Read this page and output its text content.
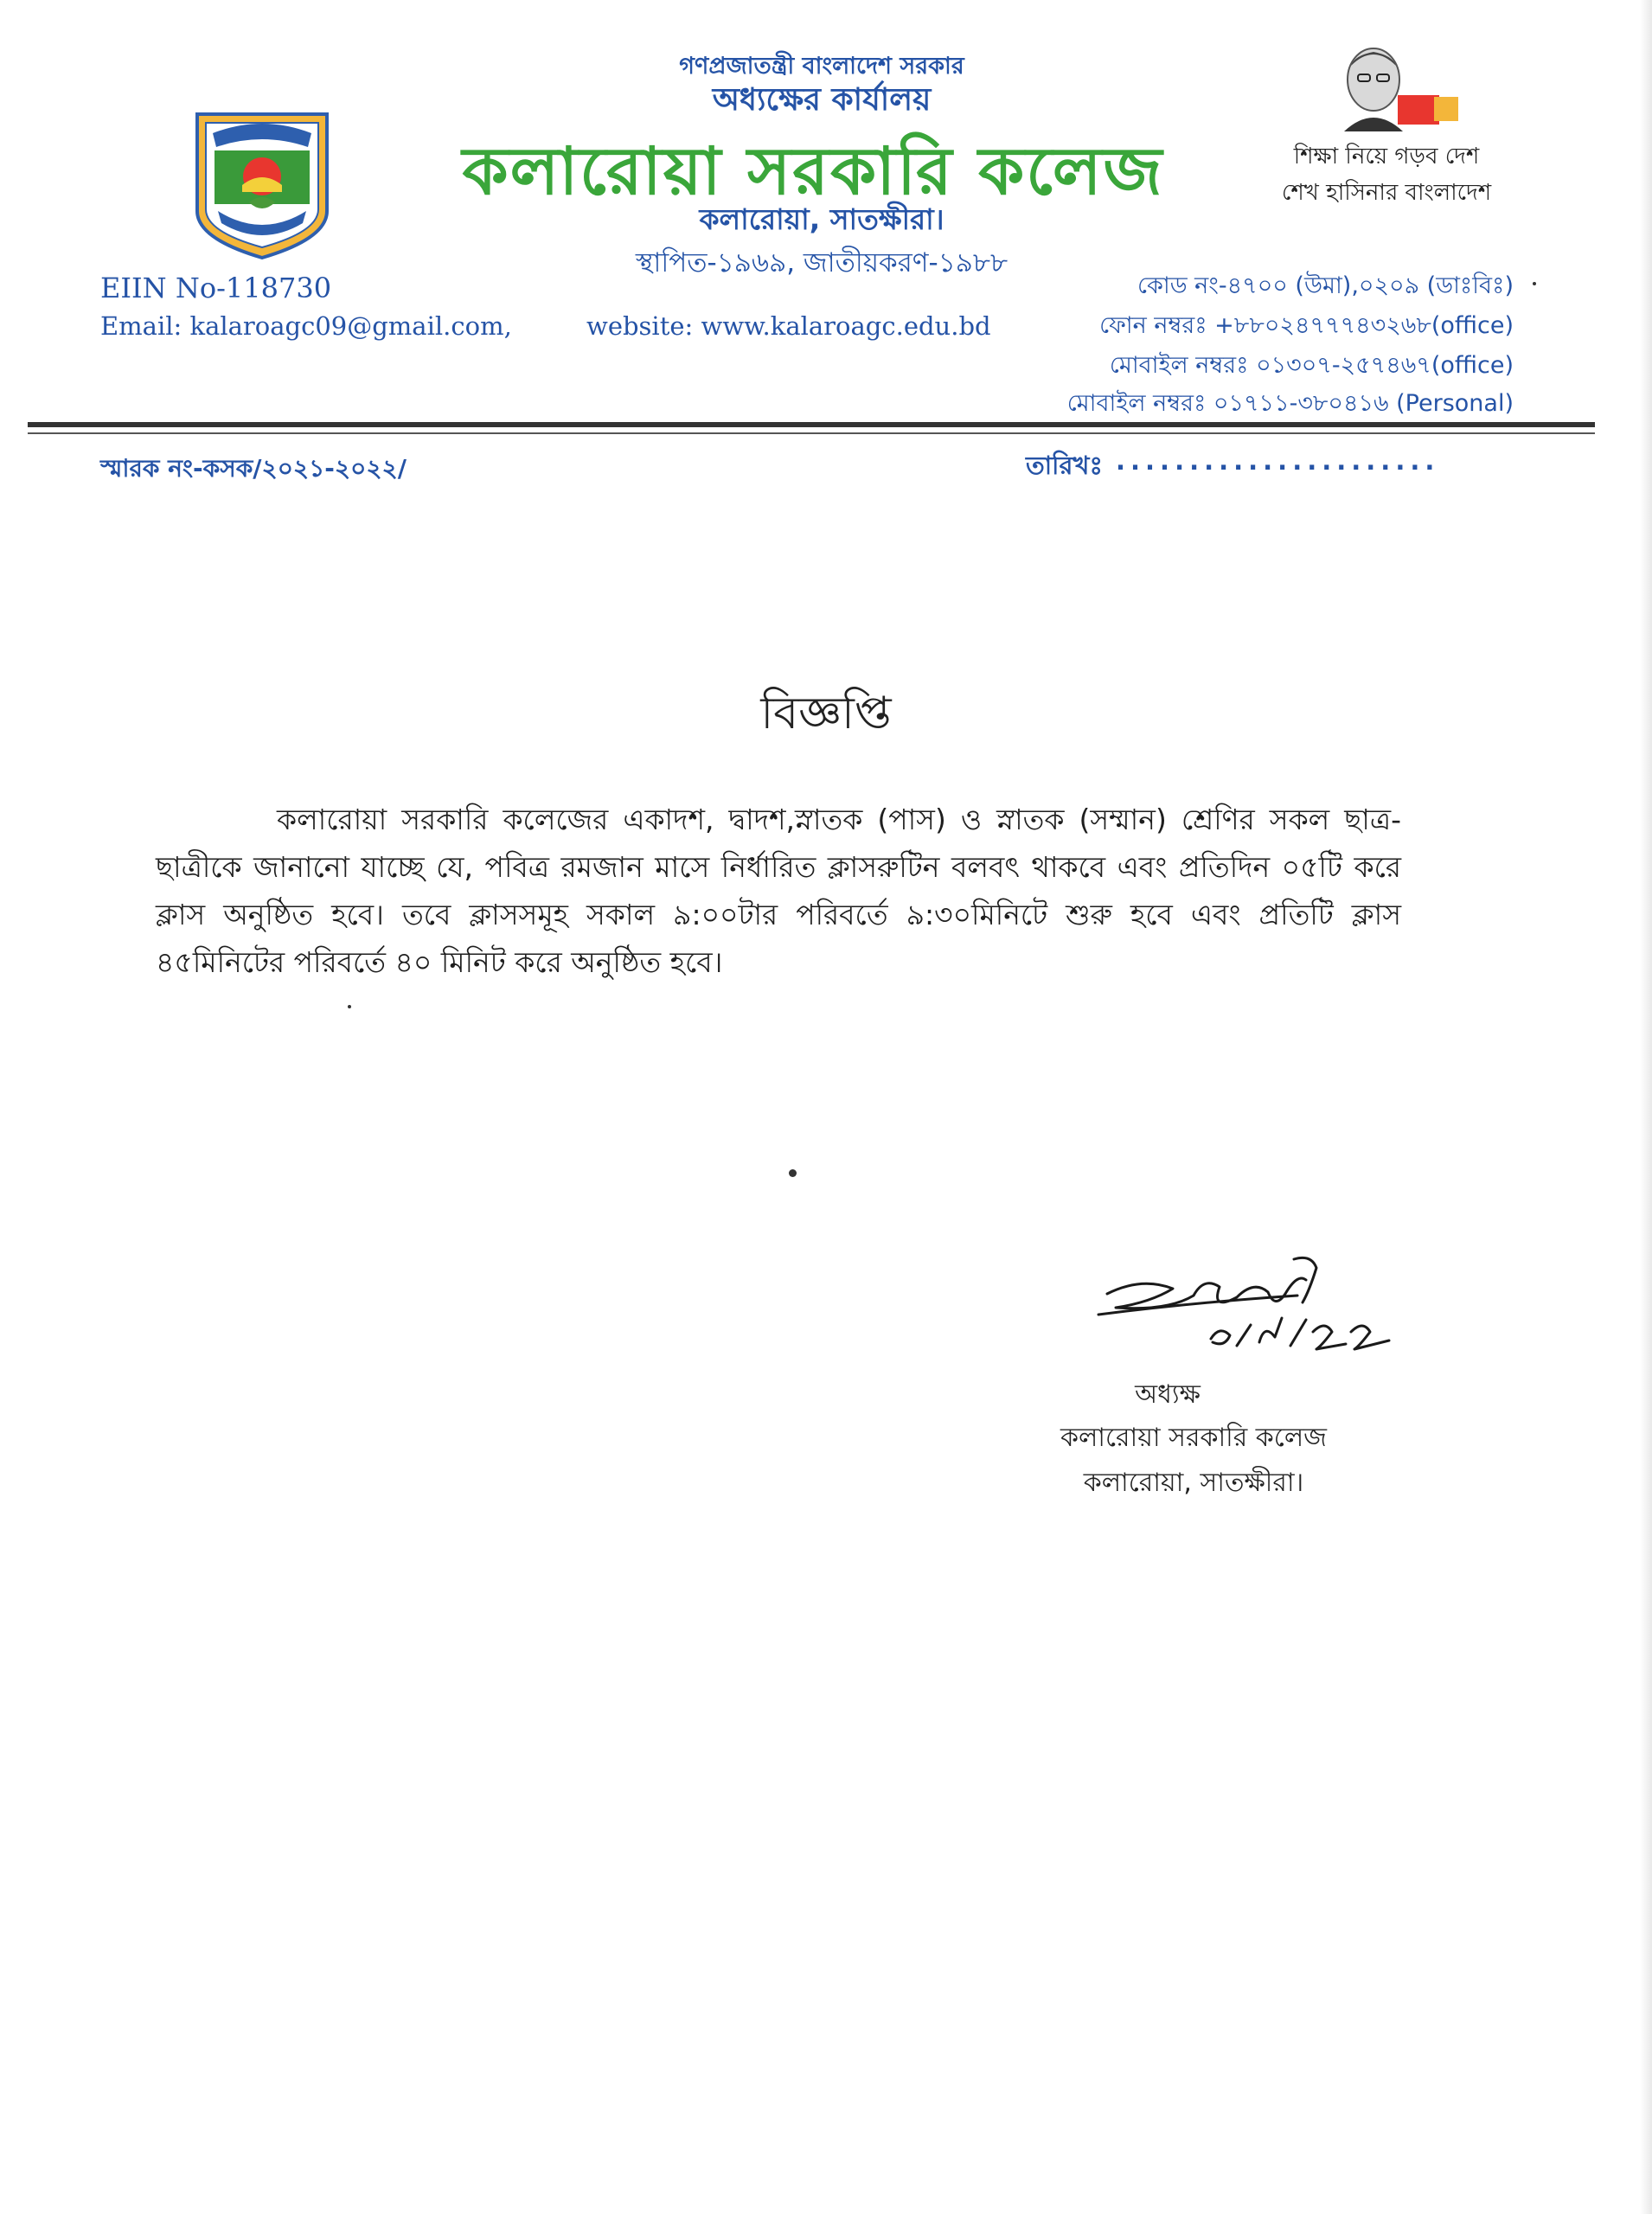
গণপ্রজাতন্ত্রী বাংলাদেশ সরকার
অধ্যক্ষের কার্যালয়
কলারোয়া সরকারি কলেজ
কলারোয়া, সাতক্ষীরা।
স্থাপিত-১৯৬৯, জাতীয়করণ-১৯৮৮
EIIN No-118730
Email: kalaroagc09@gmail.com,	website: www.kalaroagc.edu.bd
কোড নং-৪৭০০ (উমা),০২০৯ (ডাঃবিঃ)
ফোন নম্বরঃ +৮৮০২৪৭৭৭৪৩২৬৮(office)
মোবাইল নম্বরঃ ০১৩০৭-২৫৭৪৬৭(office)
মোবাইল নম্বরঃ ০১৭১১-৩৮০৪১৬ (Personal)
শিক্ষা নিয়ে গড়ব দেশ
শেখ হাসিনার বাংলাদেশ
স্মারক নং-কসক/২০২১-২০২২/	তারিখঃ ......................
বিজ্ঞপ্তি
কলারোয়া সরকারি কলেজের একাদশ, দ্বাদশ,স্নাতক (পাস) ও স্নাতক (সম্মান) শ্রেণির সকল ছাত্র-ছাত্রীকে জানানো যাচ্ছে যে, পবিত্র রমজান মাসে নির্ধারিত ক্লাসরুটিন বলবৎ থাকবে এবং প্রতিদিন ০৫টি করে ক্লাস অনুষ্ঠিত হবে। তবে ক্লাসসমূহ সকাল ৯:০০টার পরিবর্তে ৯:৩০মিনিটে শুরু হবে এবং প্রতিটি ক্লাস ৪৫মিনিটের পরিবর্তে ৪০ মিনিট করে অনুষ্ঠিত হবে।
অধ্যক্ষ
কলারোয়া সরকারি কলেজ
কলারোয়া, সাতক্ষীরা।
